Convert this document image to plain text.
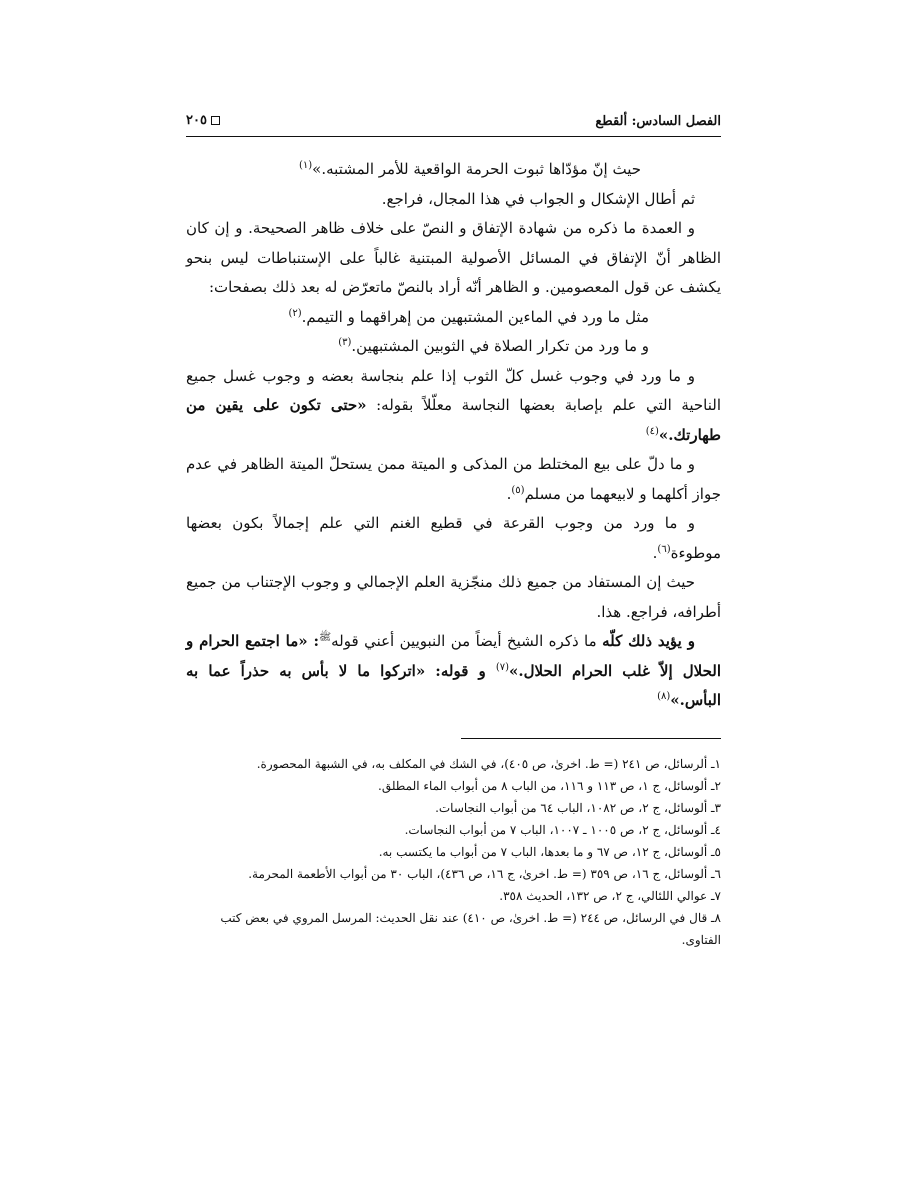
الفصل السادس: ألقطع
٢٠٥

حيث إنّ مؤدّاها ثبوت الحرمة الواقعية للأمر المشتبه.»$^{(١)}$

ثم أطال الإشكال و الجواب في هذا المجال، فراجع.

و العمدة ما ذكره من شهادة الإتفاق و النصّ على خلاف ظاهر الصحيحة. و إن كان الظاهر أنّ الإتفاق في المسائل الأصولية المبتنية غالباً على الإستنباطات ليس بنحو يكشف عن قول المعصومين. و الظاهر أنّه أراد بالنصّ ماتعرّض له بعد ذلك بصفحات:

مثل ما ورد في الماءين المشتبهين من إهراقهما و التيمم.$^{(٢)}$

و ما ورد من تكرار الصلاة في الثوبين المشتبهين.$^{(٣)}$

و ما ورد في وجوب غسل كلّ الثوب إذا علم بنجاسة بعضه و وجوب غسل جميع الناحية التي علم بإصابة بعضها النجاسة معلّلاً بقوله: «حتى تكون على يقين من طهارتك.»$^{(٤)}$

و ما دلّ على بيع المختلط من المذكى و الميتة ممن يستحلّ الميتة الظاهر في عدم جواز أكلهما و لابيعهما من مسلم$^{(٥)}$.

و ما ورد من وجوب القرعة في قطيع الغنم التي علم إجمالاً بكون بعضها موطوءة$^{(٦)}$.

حيث إن المستفاد من جميع ذلك منجّزية العلم الإجمالي و وجوب الإجتناب من جميع أطرافه، فراجع. هذا.

و يؤيد ذلك كلّه ما ذكره الشيخ أيضاً من النبويين أعني قوله$^ﷺ$: «ما اجتمع الحرام و الحلال إلاّ غلب الحرام الحلال.»$^{(٧)}$ و قوله: «اتركوا ما لا بأس به حذراً عما به البأس.»$^{(٨)}$

١ـ ألرسائل، ص ٢٤١ (= ط. اخرىٰ، ص ٤٠٥)، في الشك في المكلف به، في الشبهة المحصورة.
٢ـ ألوسائل، ج ١، ص ١١٣ و ١١٦، من الباب ٨ من أبواب الماء المطلق.
٣ـ ألوسائل، ج ٢، ص ١٠٨٢، الباب ٦٤ من أبواب النجاسات.
٤ـ ألوسائل، ج ٢، ص ١٠٠٥ ـ ١٠٠٧، الباب ٧ من أبواب النجاسات.
٥ـ ألوسائل، ج ١٢، ص ٦٧ و ما بعدها، الباب ٧ من أبواب ما يكتسب به.
٦ـ ألوسائل، ج ١٦، ص ٣٥٩ (= ط. اخرىٰ، ج ١٦، ص ٤٣٦)، الباب ٣٠ من أبواب الأطعمة المحرمة.
٧ـ عوالي اللئالي، ج ٢، ص ١٣٢، الحديث ٣٥٨.
٨ـ قال في الرسائل، ص ٢٤٤ (= ط. اخرىٰ، ص ٤١٠) عند نقل الحديث: المرسل المروي في بعض كتب الفتاوى.
